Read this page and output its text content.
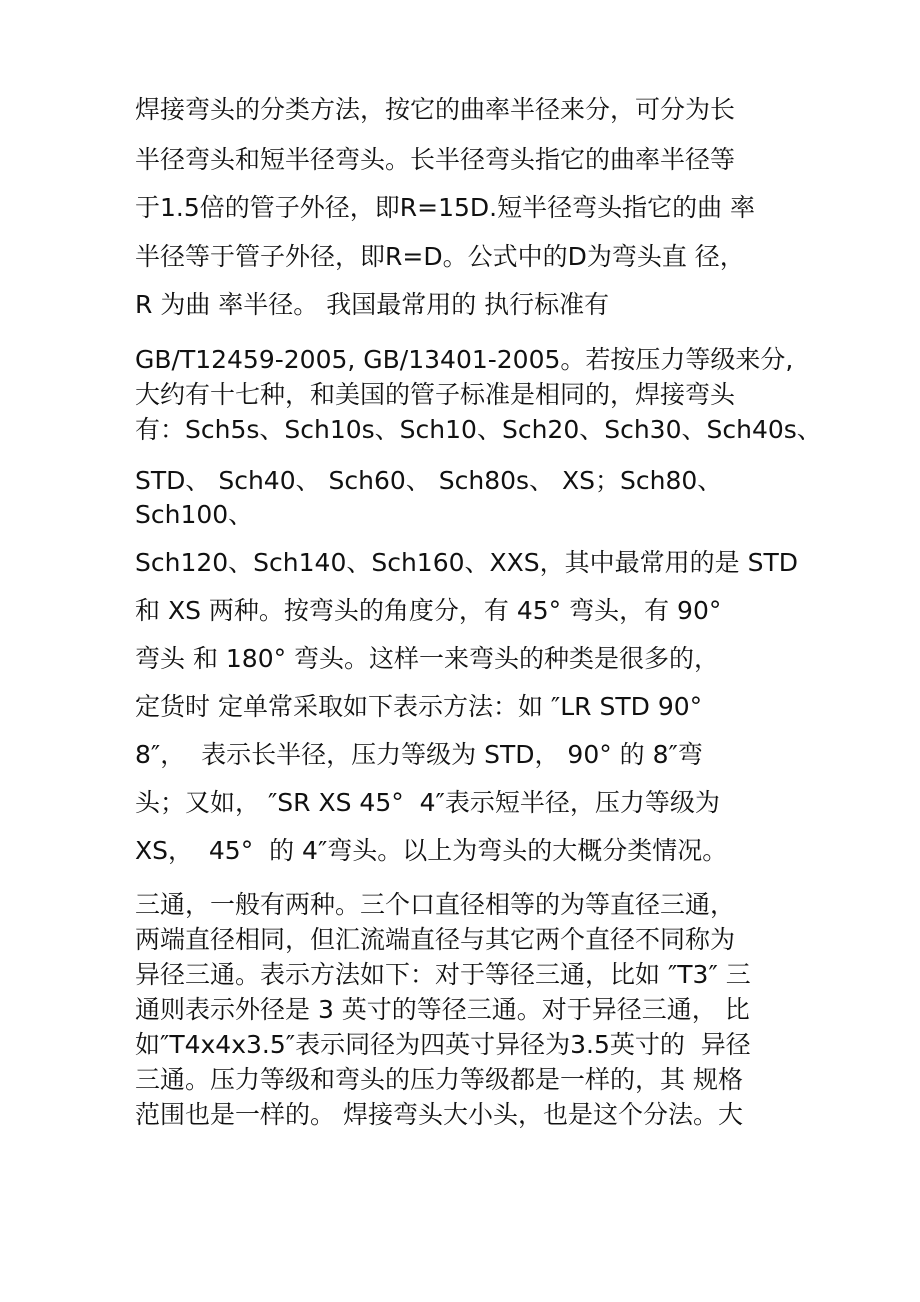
焊接弯头的分类方法，按它的曲率半径来分，可分为长

半径弯头和短半径弯头。长半径弯头指它的曲率半径等

于1.5倍的管子外径，即R=15D.短半径弯头指它的曲 率

半径等于管子外径，即R=D。公式中的D为弯头直 径，

R 为曲 率半径。 我国最常用的 执行标准有

GB/T12459-2005, GB/13401-2005。若按压力等级来分,

大约有十七种，和美国的管子标准是相同的，焊接弯头

有：Sch5s、Sch10s、Sch10、Sch20、Sch30、Sch40s、

STD、 Sch40、 Sch60、 Sch80s、 XS；Sch80、

Sch100、

Sch120、Sch140、Sch160、XXS，其中最常用的是 STD

和 XS 两种。按弯头的角度分，有 45° 弯头，有 90°

弯头 和 180° 弯头。这样一来弯头的种类是很多的，

定货时 定单常采取如下表示方法：如 ″LR STD 90°

8″，  表示长半径，压力等级为 STD， 90° 的 8″弯

头；又如， ″SR XS 45°  4″表示短半径，压力等级为

XS，  45°  的 4″弯头。以上为弯头的大概分类情况。

三通，一般有两种。三个口直径相等的为等直径三通，

两端直径相同，但汇流端直径与其它两个直径不同称为

异径三通。表示方法如下：对于等径三通，比如 ″T3″ 三

通则表示外径是 3 英寸的等径三通。对于异径三通， 比

如″T4x4x3.5″表示同径为四英寸异径为3.5英寸的  异径

三通。压力等级和弯头的压力等级都是一样的，其 规格

范围也是一样的。 焊接弯头大小头，也是这个分法。大
